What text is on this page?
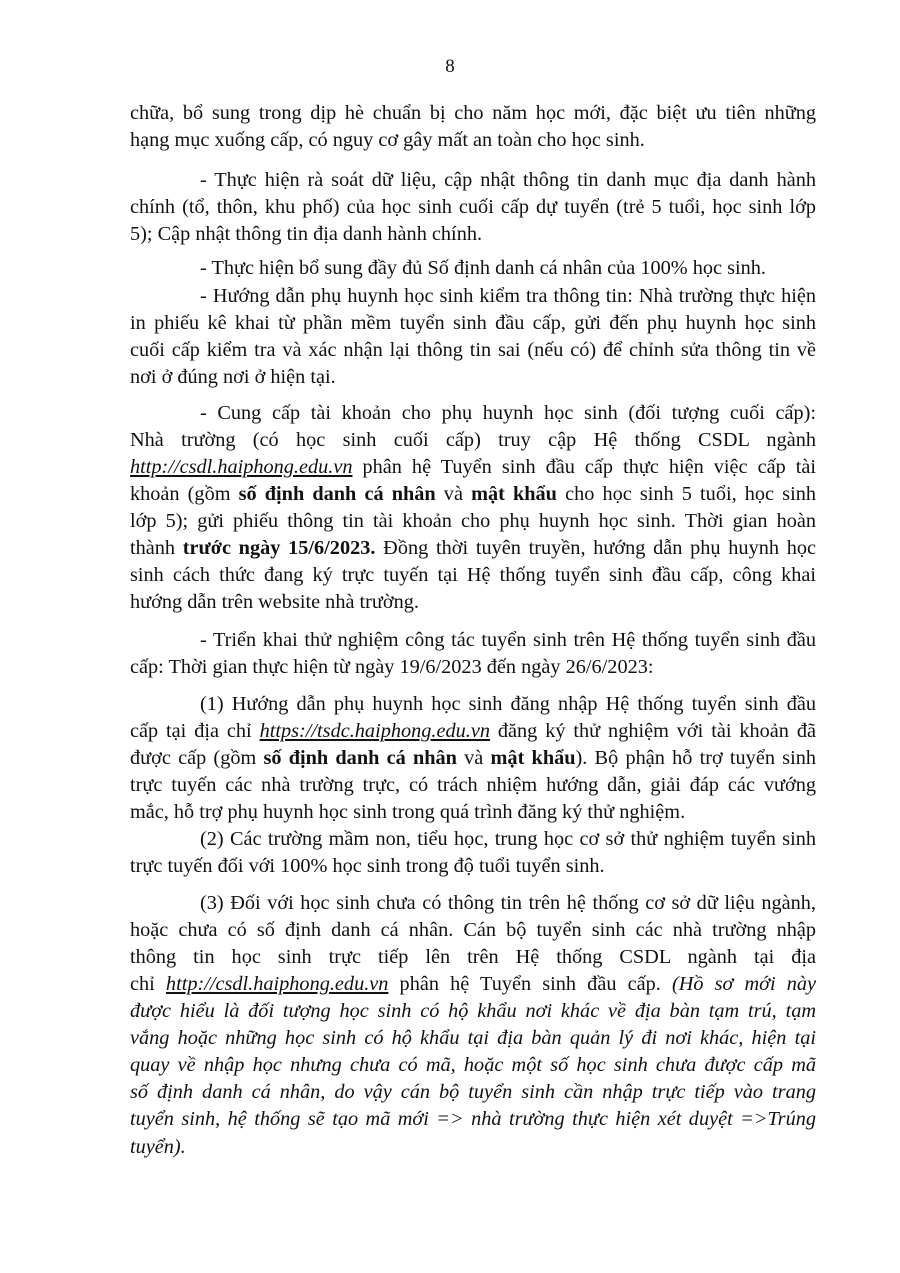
8
chữa, bổ sung trong dịp hè chuẩn bị cho năm học mới, đặc biệt ưu tiên những
hạng mục xuống cấp, có nguy cơ gây mất an toàn cho học sinh.
- Thực hiện rà soát dữ liệu, cập nhật thông tin danh mục địa danh hành
chính (tổ, thôn, khu phố) của học sinh cuối cấp dự tuyển (trẻ 5 tuổi, học sinh lớp
5); Cập nhật thông tin địa danh hành chính.
- Thực hiện bổ sung đầy đủ Số định danh cá nhân của 100% học sinh.
- Hướng dẫn phụ huynh học sinh kiểm tra thông tin: Nhà trường thực hiện
in phiếu kê khai từ phần mềm tuyển sinh đầu cấp, gửi đến phụ huynh học sinh
cuối cấp kiểm tra và xác nhận lại thông tin sai (nếu có) để chỉnh sửa thông tin về
nơi ở đúng nơi ở hiện tại.
- Cung cấp tài khoản cho phụ huynh học sinh (đối tượng cuối cấp):
Nhà trường (có học sinh cuối cấp) truy cập Hệ thống CSDL ngành
http://csdl.haiphong.edu.vn phân hệ Tuyển sinh đầu cấp thực hiện việc cấp tài
khoản (gồm số định danh cá nhân và mật khẩu cho học sinh 5 tuổi, học sinh
lớp 5); gửi phiếu thông tin tài khoản cho phụ huynh học sinh. Thời gian hoàn
thành trước ngày 15/6/2023. Đồng thời tuyên truyền, hướng dẫn phụ huynh học
sinh cách thức đang ký trực tuyến tại Hệ thống tuyển sinh đầu cấp, công khai
hướng dẫn trên website nhà trường.
- Triển khai thử nghiệm công tác tuyển sinh trên Hệ thống tuyển sinh đầu
cấp: Thời gian thực hiện từ ngày 19/6/2023 đến ngày 26/6/2023:
(1) Hướng dẫn phụ huynh học sinh đăng nhập Hệ thống tuyển sinh đầu
cấp tại địa chỉ https://tsdc.haiphong.edu.vn đăng ký thử nghiệm với tài khoản đã
được cấp (gồm số định danh cá nhân và mật khẩu). Bộ phận hỗ trợ tuyển sinh
trực tuyến các nhà trường trực, có trách nhiệm hướng dẫn, giải đáp các vướng
mắc, hỗ trợ phụ huynh học sinh trong quá trình đăng ký thử nghiệm.
(2) Các trường mầm non, tiểu học, trung học cơ sở thử nghiệm tuyển sinh
trực tuyến đối với 100% học sinh trong độ tuổi tuyển sinh.
(3) Đối với học sinh chưa có thông tin trên hệ thống cơ sở dữ liệu ngành,
hoặc chưa có số định danh cá nhân. Cán bộ tuyển sinh các nhà trường nhập
thông tin học sinh trực tiếp lên trên Hệ thống CSDL ngành tại địa
chỉ http://csdl.haiphong.edu.vn phân hệ Tuyển sinh đầu cấp. (Hồ sơ mới này
được hiểu là đối tượng học sinh có hộ khẩu nơi khác về địa bàn tạm trú, tạm
vắng hoặc những học sinh có hộ khẩu tại địa bàn quản lý đi nơi khác, hiện tại
quay về nhập học nhưng chưa có mã, hoặc một số học sinh chưa được cấp mã
số định danh cá nhân, do vậy cán bộ tuyển sinh cần nhập trực tiếp vào trang
tuyển sinh, hệ thống sẽ tạo mã mới => nhà trường thực hiện xét duyệt =>Trúng
tuyển).
